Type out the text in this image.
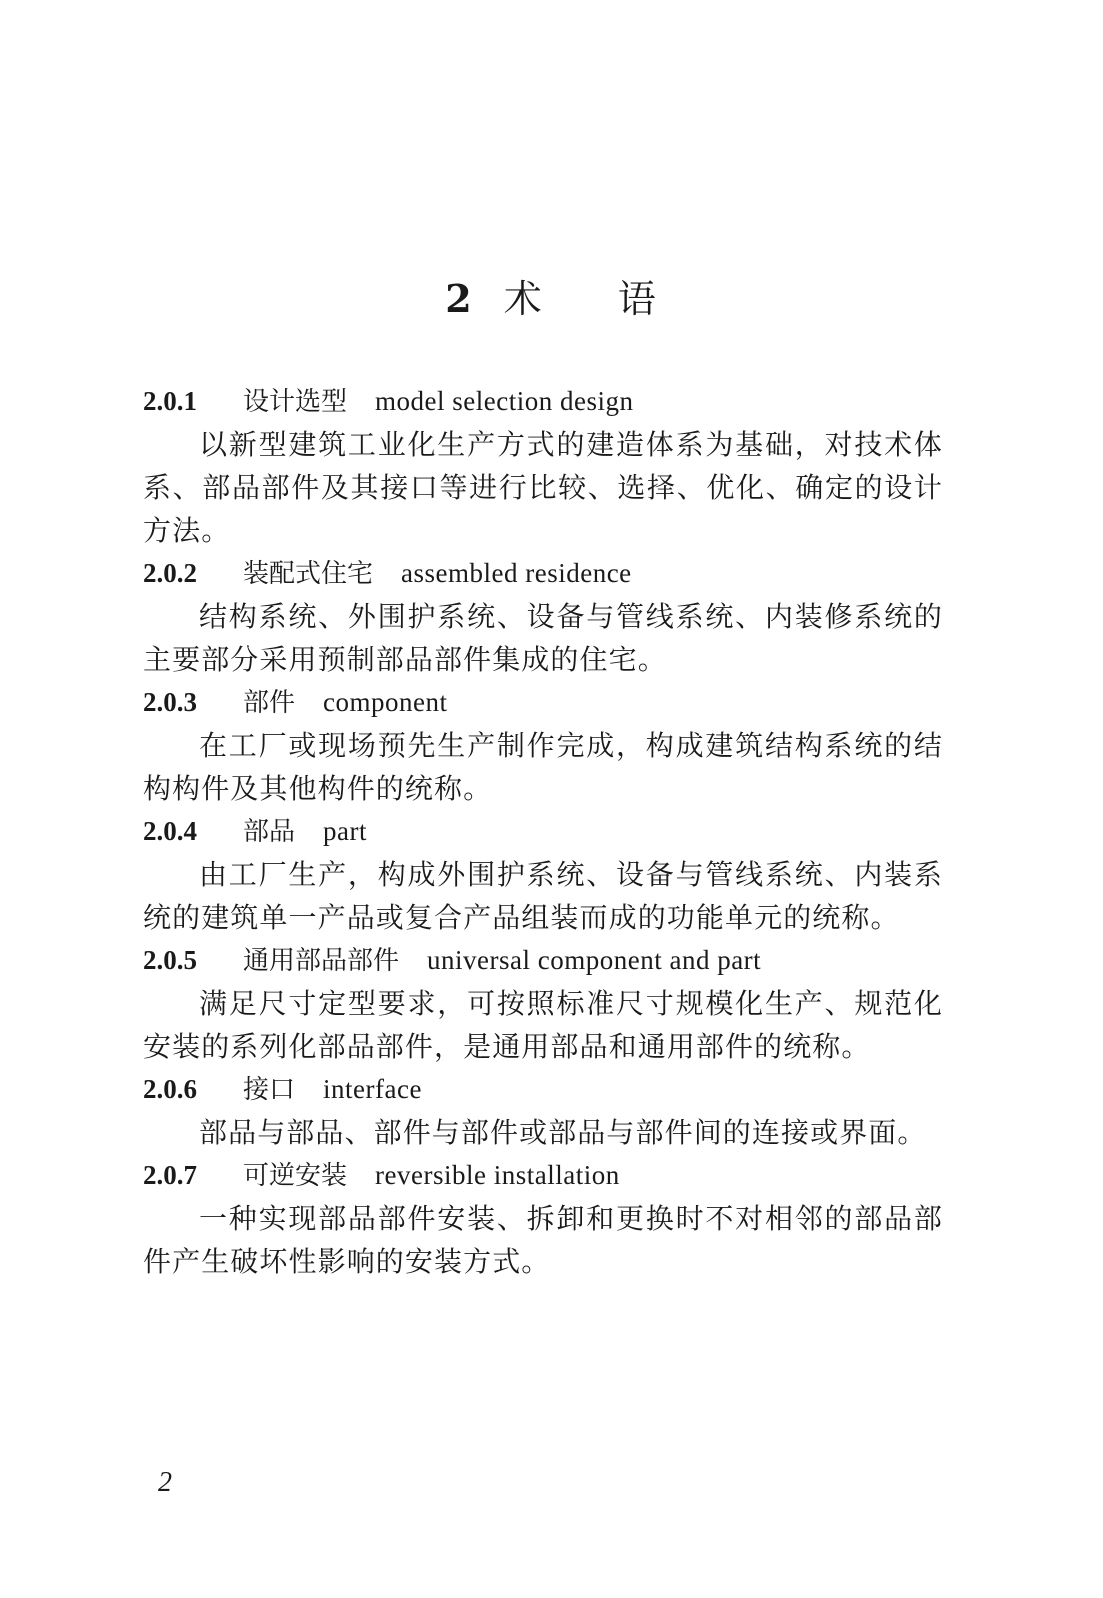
2 术 语
2.0.1 设计选型 model selection design

以新型建筑工业化生产方式的建造体系为基础，对技术体系、部品部件及其接口等进行比较、选择、优化、确定的设计方法。

2.0.2 装配式住宅 assembled residence

结构系统、外围护系统、设备与管线系统、内装修系统的主要部分采用预制部品部件集成的住宅。

2.0.3 部件 component

在工厂或现场预先生产制作完成，构成建筑结构系统的结构构件及其他构件的统称。

2.0.4 部品 part

由工厂生产，构成外围护系统、设备与管线系统、内装系统的建筑单一产品或复合产品组装而成的功能单元的统称。

2.0.5 通用部品部件 universal component and part

满足尺寸定型要求，可按照标准尺寸规模化生产、规范化安装的系列化部品部件，是通用部品和通用部件的统称。

2.0.6 接口 interface

部品与部品、部件与部件或部品与部件间的连接或界面。

2.0.7 可逆安装 reversible installation

一种实现部品部件安装、拆卸和更换时不对相邻的部品部件产生破坏性影响的安装方式。

2
